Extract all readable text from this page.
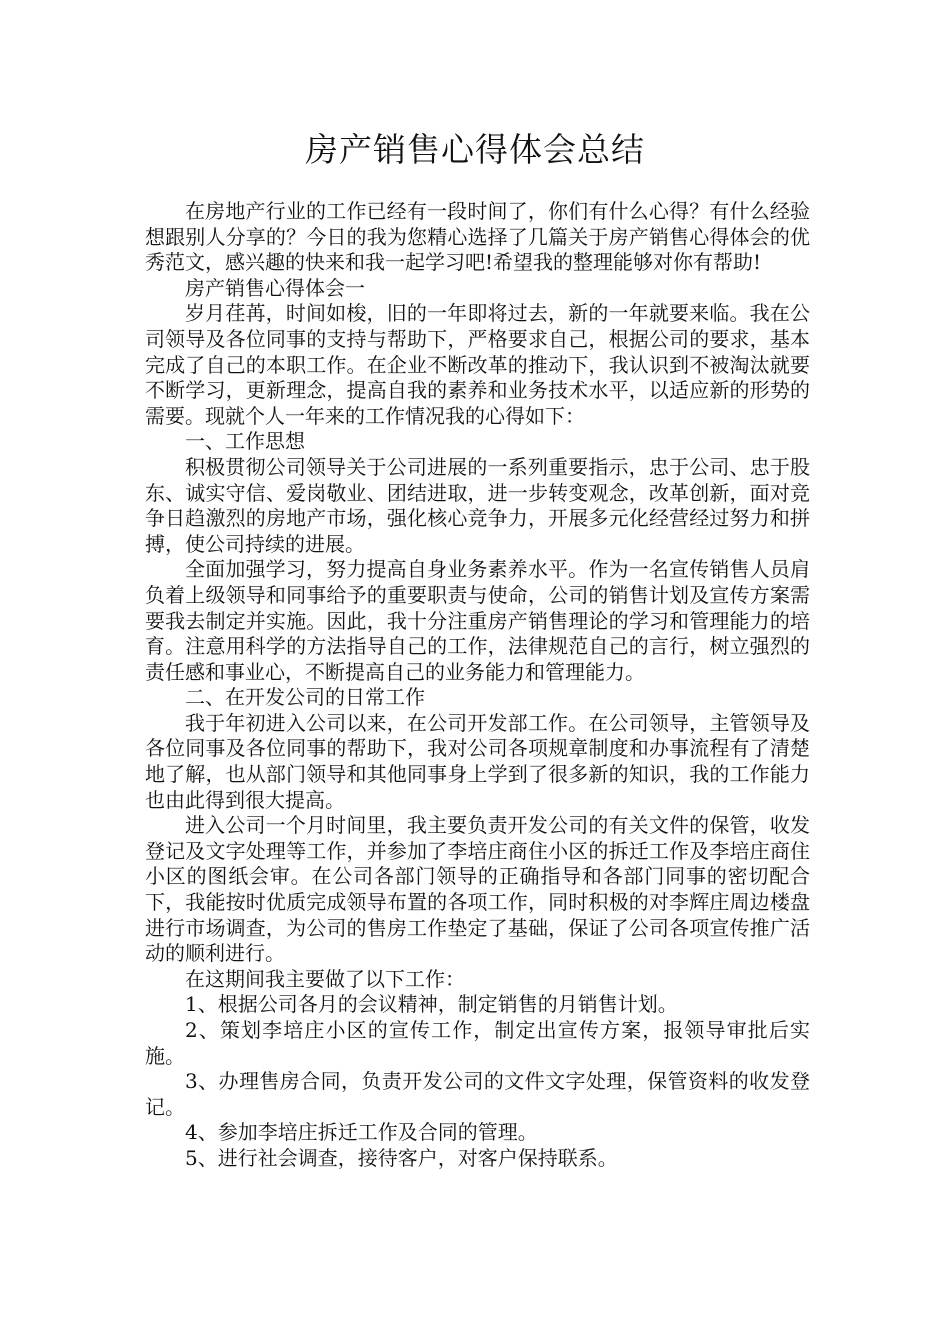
房产销售心得体会总结

在房地产行业的工作已经有一段时间了，你们有什么心得？有什么经验想跟别人分享的？今日的我为您精心选择了几篇关于房产销售心得体会的优秀范文，感兴趣的快来和我一起学习吧!希望我的整理能够对你有帮助!

房产销售心得体会一

岁月荏苒，时间如梭，旧的一年即将过去，新的一年就要来临。我在公司领导及各位同事的支持与帮助下，严格要求自己，根据公司的要求，基本完成了自己的本职工作。在企业不断改革的推动下，我认识到不被淘汰就要不断学习，更新理念，提高自我的素养和业务技术水平，以适应新的形势的需要。现就个人一年来的工作情况我的心得如下：

一、工作思想

积极贯彻公司领导关于公司进展的一系列重要指示，忠于公司、忠于股东、诚实守信、爱岗敬业、团结进取，进一步转变观念，改革创新，面对竞争日趋激烈的房地产市场，强化核心竞争力，开展多元化经营经过努力和拼搏，使公司持续的进展。

全面加强学习，努力提高自身业务素养水平。作为一名宣传销售人员肩负着上级领导和同事给予的重要职责与使命，公司的销售计划及宣传方案需要我去制定并实施。因此，我十分注重房产销售理论的学习和管理能力的培育。注意用科学的方法指导自己的工作，法律规范自己的言行，树立强烈的责任感和事业心，不断提高自己的业务能力和管理能力。

二、在开发公司的日常工作

我于年初进入公司以来，在公司开发部工作。在公司领导，主管领导及各位同事及各位同事的帮助下，我对公司各项规章制度和办事流程有了清楚地了解，也从部门领导和其他同事身上学到了很多新的知识，我的工作能力也由此得到很大提高。

进入公司一个月时间里，我主要负责开发公司的有关文件的保管，收发登记及文字处理等工作，并参加了李培庄商住小区的拆迁工作及李培庄商住小区的图纸会审。在公司各部门领导的正确指导和各部门同事的密切配合下，我能按时优质完成领导布置的各项工作，同时积极的对李辉庄周边楼盘进行市场调查，为公司的售房工作垫定了基础，保证了公司各项宣传推广活动的顺利进行。

在这期间我主要做了以下工作：

1、根据公司各月的会议精神，制定销售的月销售计划。

2、策划李培庄小区的宣传工作，制定出宣传方案，报领导审批后实施。

3、办理售房合同，负责开发公司的文件文字处理，保管资料的收发登记。

4、参加李培庄拆迁工作及合同的管理。

5、进行社会调查，接待客户，对客户保持联系。
